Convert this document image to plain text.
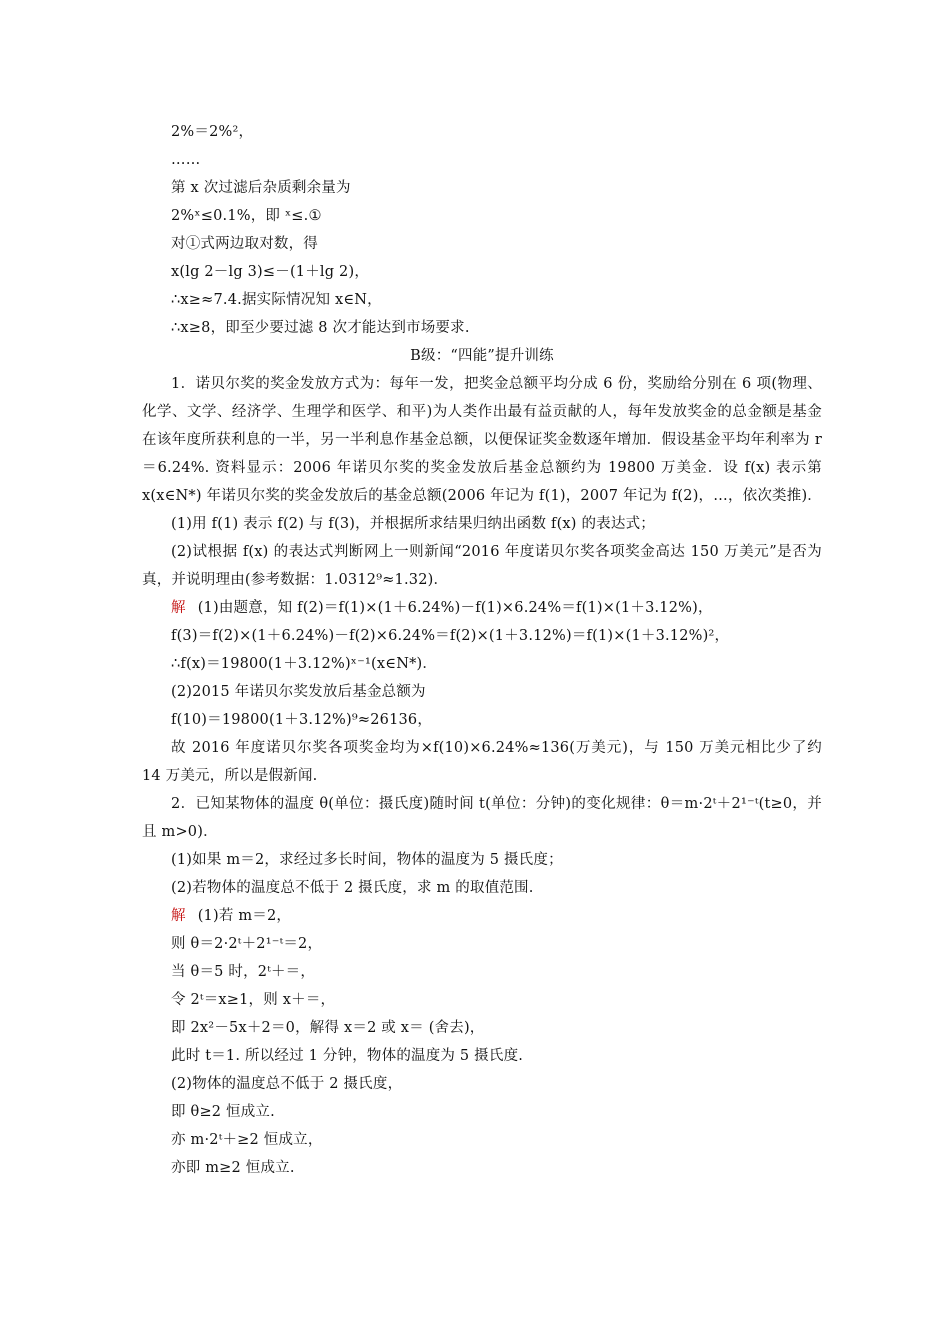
2%＝2%²，
……
第 x 次过滤后杂质剩余量为
2%ˣ≤0.1%，即 ˣ≤.①
对①式两边取对数，得
x(lg 2－lg 3)≤－(1＋lg 2)，
∴x≥≈7.4.据实际情况知 x∈N，
∴x≥8，即至少要过滤 8 次才能达到市场要求.
B级：“四能”提升训练
1．诺贝尔奖的奖金发放方式为：每年一发，把奖金总额平均分成 6 份，奖励给分别在 6 项(物理、化学、文学、经济学、生理学和医学、和平)为人类作出最有益贡献的人，每年发放奖金的总金额是基金在该年度所获利息的一半，另一半利息作基金总额，以便保证奖金数逐年增加．假设基金平均年利率为 r＝6.24%. 资料显示：2006 年诺贝尔奖的奖金发放后基金总额约为 19800 万美金．设 f(x) 表示第 x(x∈N*) 年诺贝尔奖的奖金发放后的基金总额(2006 年记为 f(1)，2007 年记为 f(2)，…，依次类推)．
(1)用 f(1) 表示 f(2) 与 f(3)，并根据所求结果归纳出函数 f(x) 的表达式；
(2)试根据 f(x) 的表达式判断网上一则新闻“2016 年度诺贝尔奖各项奖金高达 150 万美元”是否为真，并说明理由(参考数据：1.0312⁹≈1.32)．
解 (1)由题意，知 f(2)＝f(1)×(1＋6.24%)－f(1)×6.24%＝f(1)×(1＋3.12%)，
f(3)＝f(2)×(1＋6.24%)－f(2)×6.24%＝f(2)×(1＋3.12%)＝f(1)×(1＋3.12%)²，
∴f(x)＝19800(1＋3.12%)ˣ⁻¹(x∈N*)．
(2)2015 年诺贝尔奖发放后基金总额为
f(10)＝19800(1＋3.12%)⁹≈26136，
故 2016 年度诺贝尔奖各项奖金均为×f(10)×6.24%≈136(万美元)，与 150 万美元相比少了约 14 万美元，所以是假新闻.
2．已知某物体的温度 θ(单位：摄氏度)随时间 t(单位：分钟)的变化规律：θ＝m·2ᵗ＋2¹⁻ᵗ(t≥0，并且 m>0)．
(1)如果 m＝2，求经过多长时间，物体的温度为 5 摄氏度；
(2)若物体的温度总不低于 2 摄氏度，求 m 的取值范围.
解 (1)若 m＝2，
则 θ＝2·2ᵗ＋2¹⁻ᵗ＝2，
当 θ＝5 时，2ᵗ＋＝，
令 2ᵗ＝x≥1，则 x＋＝，
即 2x²－5x＋2＝0，解得 x＝2 或 x＝ (舍去)，
此时 t＝1. 所以经过 1 分钟，物体的温度为 5 摄氏度.
(2)物体的温度总不低于 2 摄氏度，
即 θ≥2 恒成立.
亦 m·2ᵗ＋≥2 恒成立，
亦即 m≥2 恒成立.
